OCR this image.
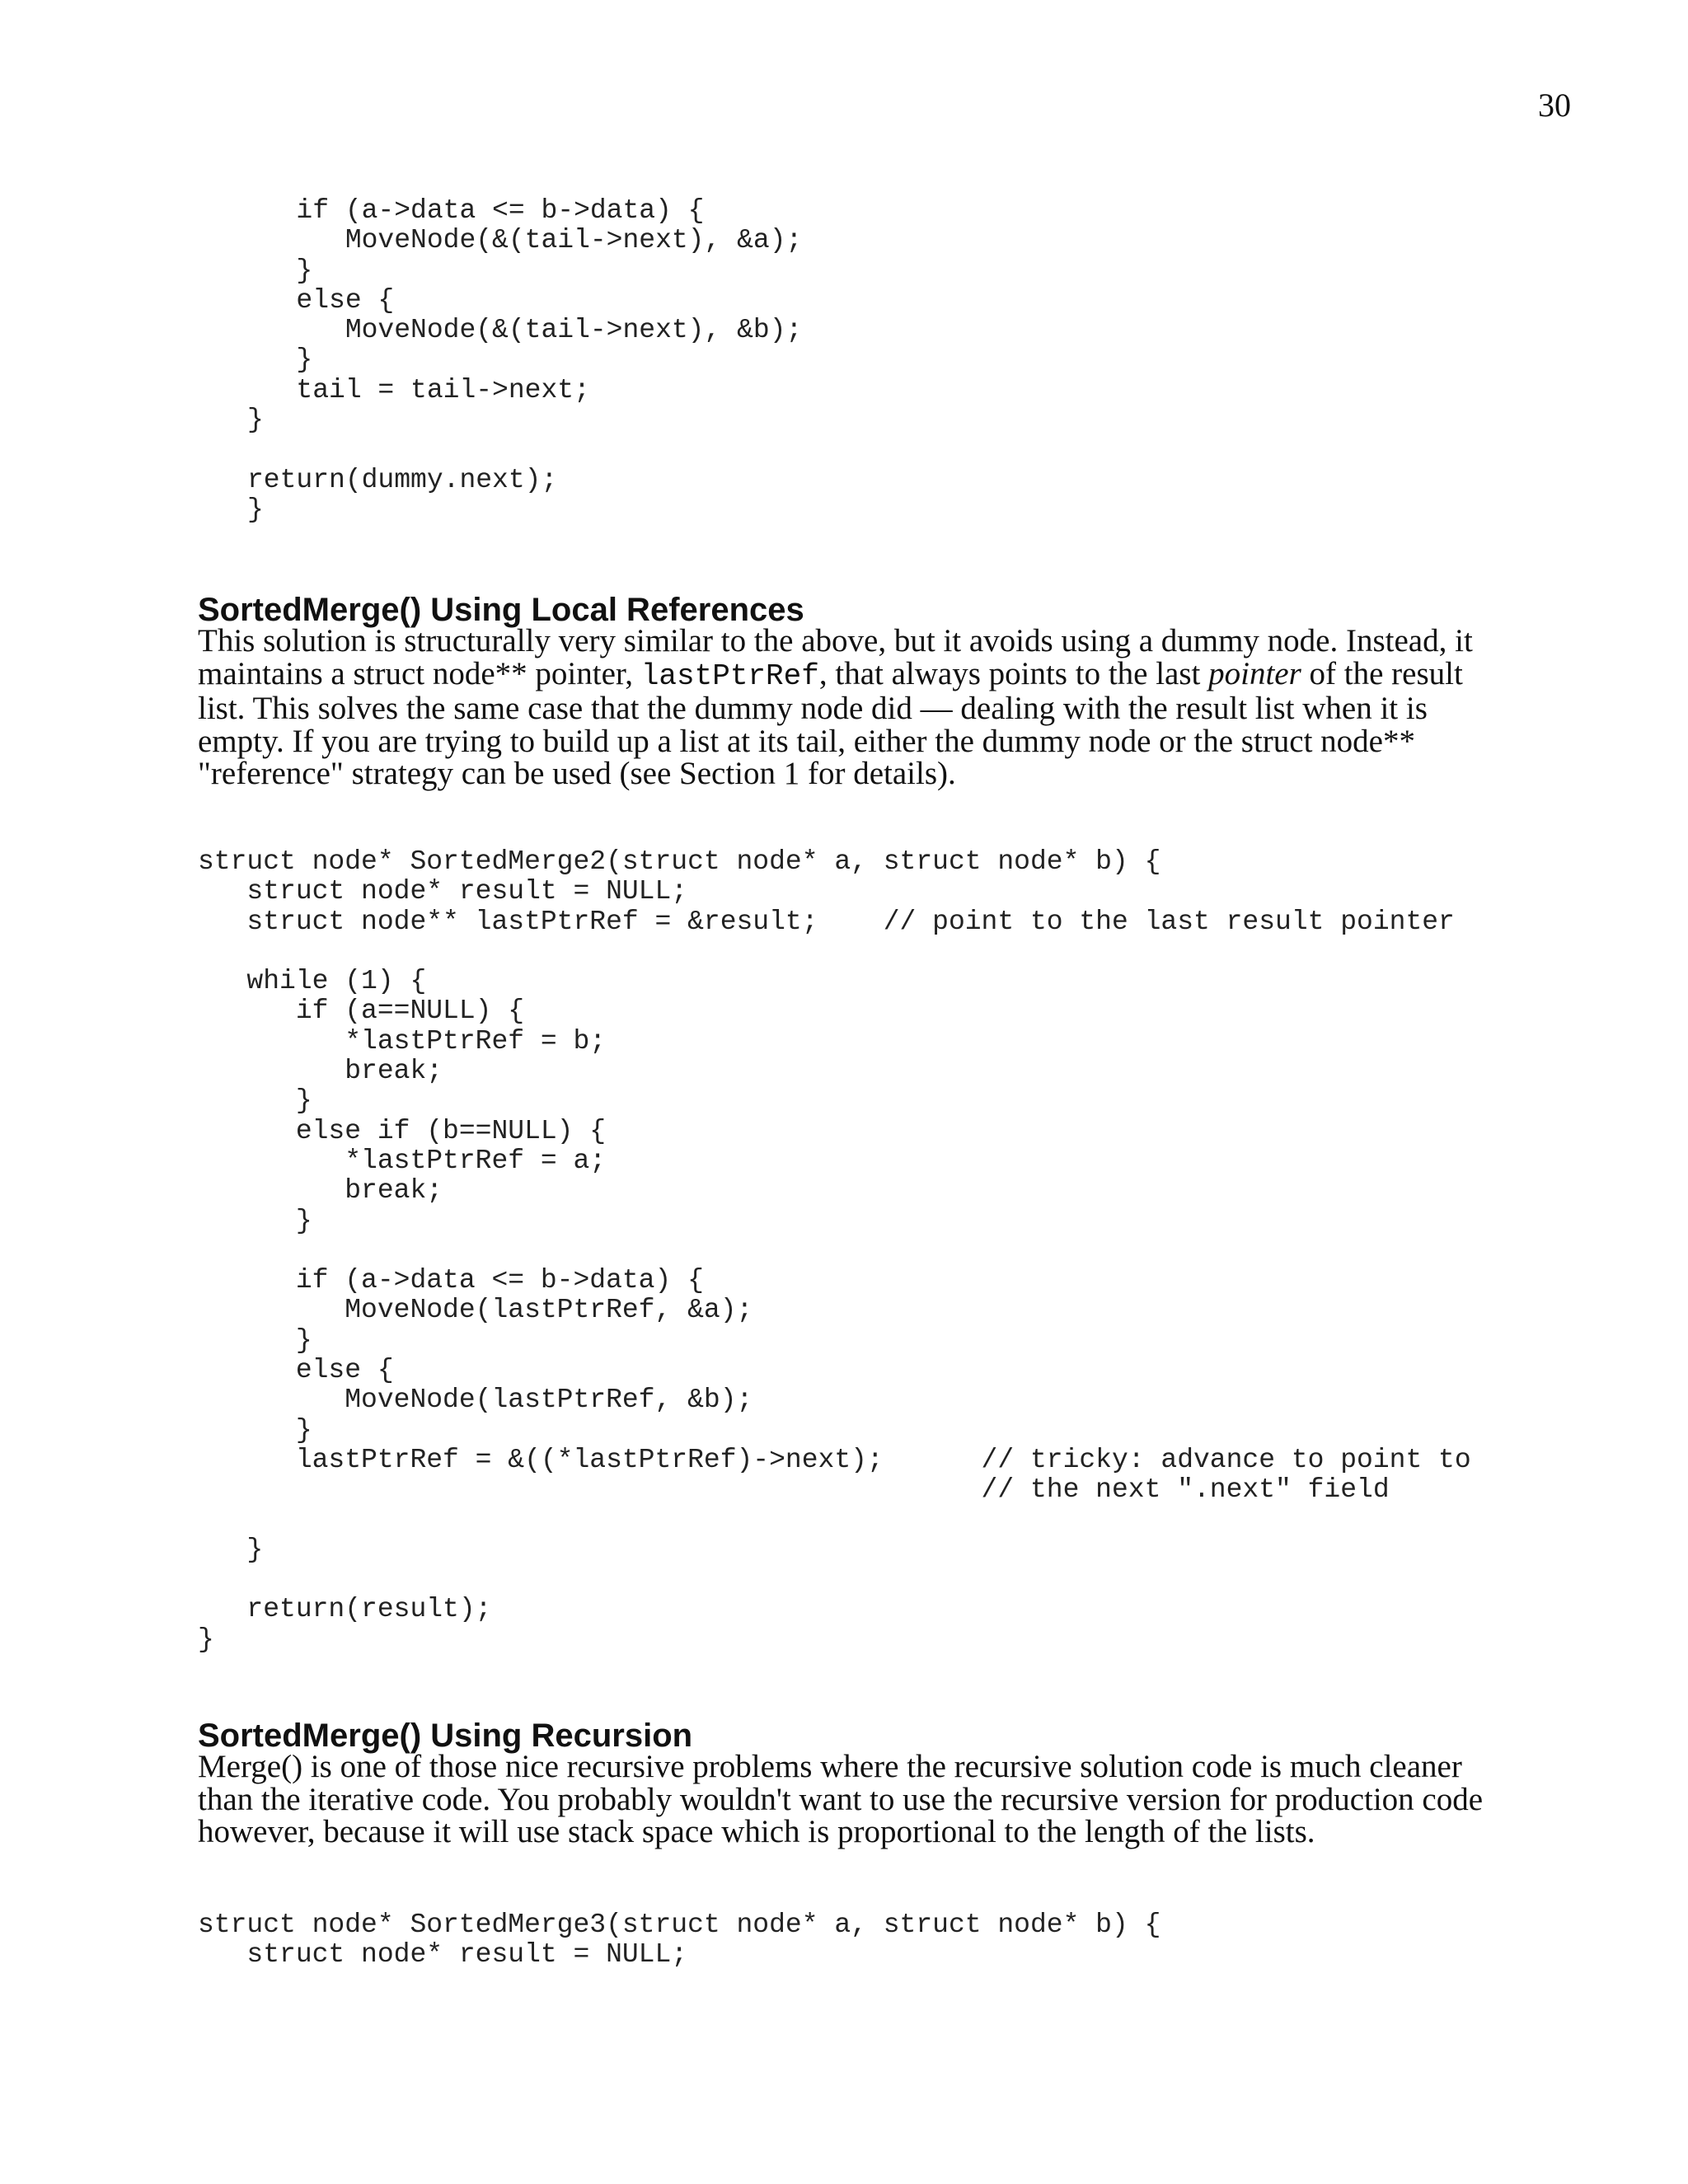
30
if (a->data <= b->data) {
MoveNode(&(tail->next), &a);
}
else {
MoveNode(&(tail->next), &b);
}
tail = tail->next;
}

return(dummy.next);
}
SortedMerge() Using Local References

This solution is structurally very similar to the above, but it avoids using a dummy node. Instead, it maintains a struct node** pointer, lastPtrRef, that always points to the last pointer of the result list. This solves the same case that the dummy node did — dealing with the result list when it is empty. If you are trying to build up a list at its tail, either the dummy node or the struct node** "reference" strategy can be used (see Section 1 for details).

struct node* SortedMerge2(struct node* a, struct node* b) {
struct node* result = NULL;
struct node** lastPtrRef = &result;    // point to the last result pointer

while (1) {
if (a==NULL) {
*lastPtrRef = b;
break;
}
else if (b==NULL) {
*lastPtrRef = a;
break;
}

if (a->data <= b->data) {
MoveNode(lastPtrRef, &a);
}
else {
MoveNode(lastPtrRef, &b);
}
lastPtrRef = &((*lastPtrRef)->next);      // tricky: advance to point to
// the next ".next" field

}

return(result);
}
SortedMerge() Using Recursion

Merge() is one of those nice recursive problems where the recursive solution code is much cleaner than the iterative code. You probably wouldn't want to use the recursive version for production code however, because it will use stack space which is proportional to the length of the lists.

struct node* SortedMerge3(struct node* a, struct node* b) {
struct node* result = NULL;
